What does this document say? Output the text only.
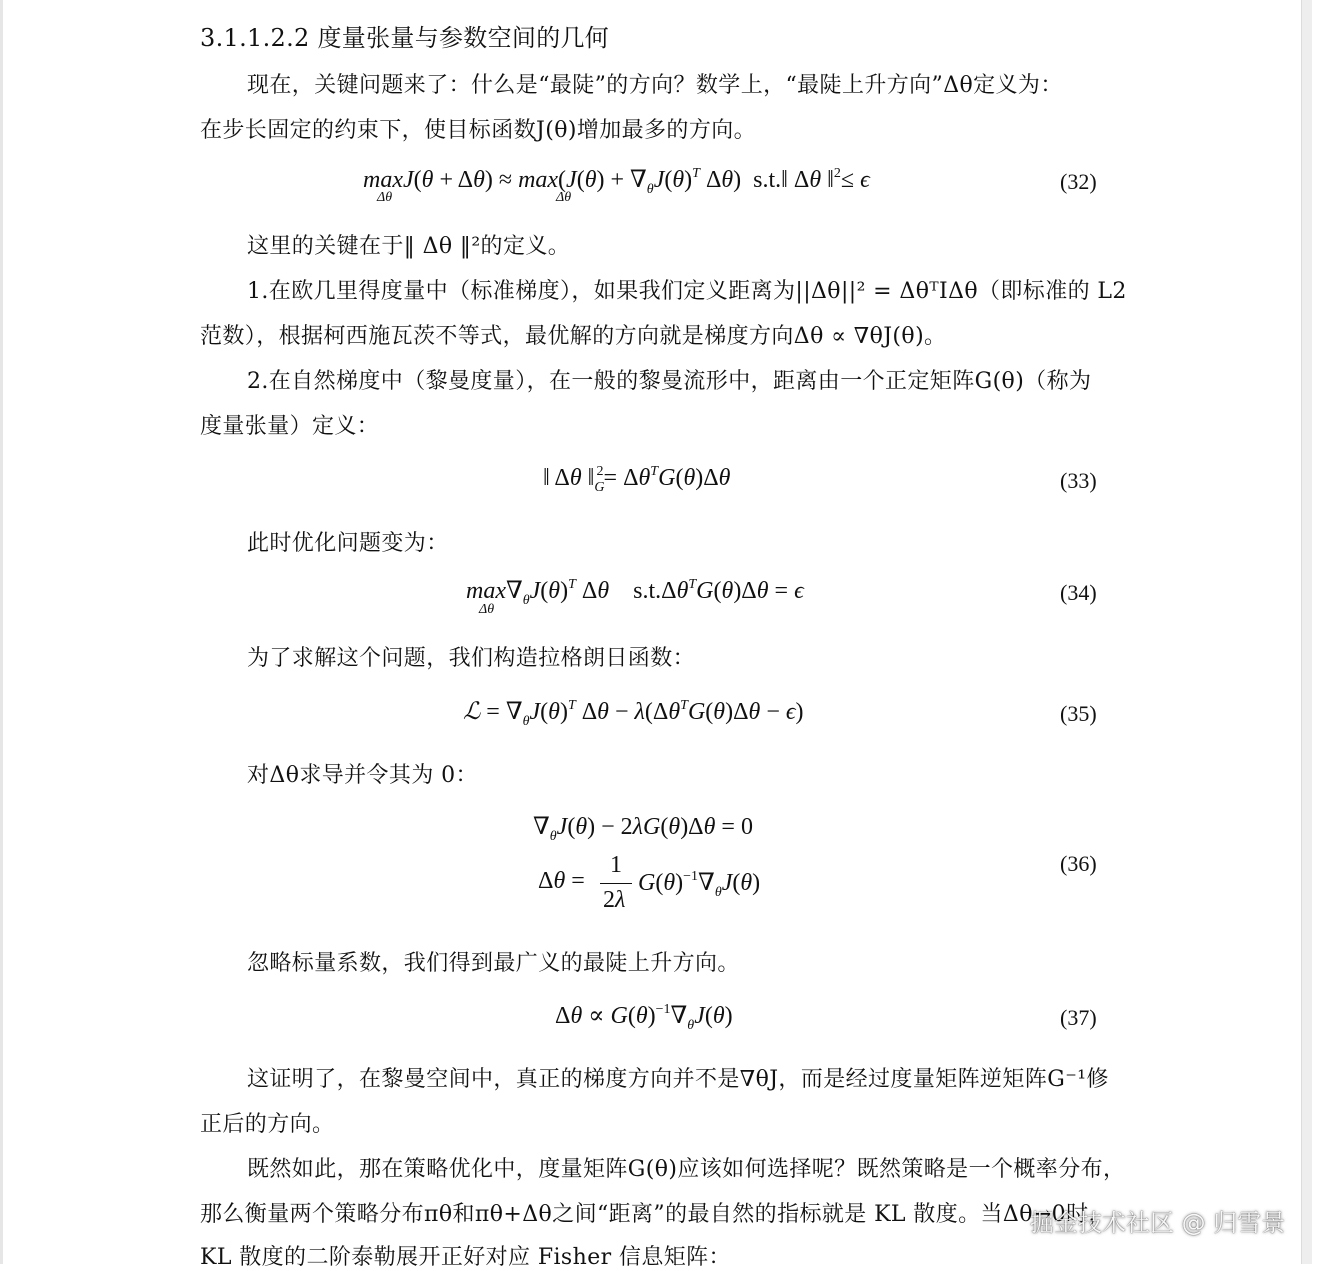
3.1.1.2.2 度量张量与参数空间的几何
现在，关键问题来了：什么是“最陡”的方向？数学上，“最陡上升方向”Δθ定义为：
在步长固定的约束下，使目标函数J(θ)增加最多的方向。
$\max J(\theta + \Delta\theta) \approx \max(J(\theta) + \nabla_\theta J(\theta)^T$ Δθ)  s.t.‖ Δθ ‖$^2$≤ ϵ
Δθ	Δθ
(32)
这里的关键在于‖ Δθ ‖²的定义。
1.在欧几里得度量中（标准梯度），如果我们定义距离为||Δθ||² = ΔθᵀIΔθ（即标准的 L2
范数），根据柯西施瓦茨不等式，最优解的方向就是梯度方向Δθ ∝ ∇θJ(θ)。
2.在自然梯度中（黎曼度量），在一般的黎曼流形中，距离由一个正定矩阵G(θ)（称为
度量张量）定义：
‖ Δθ $‖_G^2= \Delta\theta^TG(\theta)\Delta\theta$	(33)
此时优化问题变为：
$\max\nabla_\theta J(\theta)^T$ Δθ    $s.t.\Delta\theta^TG(\theta)\Delta\theta = \epsilon$
Δθ
(34)
为了求解这个问题，我们构造拉格朗日函数：
ℒ = $\nabla_\theta J(\theta)^T$ $\Delta\theta - \lambda(\Delta\theta^TG(\theta)\Delta\theta - \epsilon)$	(35)
对Δθ求导并令其为 0：
$\nabla_\theta J(\theta) - 2\lambda G(\theta)\Delta\theta = 0$
Δθ =
1
2λ
$G(\theta)^{-1}\nabla_\theta J(\theta)$
(36)
忽略标量系数，我们得到最广义的最陡上升方向。
$\Delta\theta \propto G(\theta)^{-1}\nabla_\theta J(\theta)$	(37)
这证明了，在黎曼空间中，真正的梯度方向并不是∇θJ，而是经过度量矩阵逆矩阵G⁻¹修
正后的方向。
既然如此，那在策略优化中，度量矩阵G(θ)应该如何选择呢？既然策略是一个概率分布，
那么衡量两个策略分布πθ和πθ+Δθ之间“距离”的最自然的指标就是 KL 散度。当Δθ→0时，
KL 散度的二阶泰勒展开正好对应 Fisher 信息矩阵：
掘金技术社区 @ 归雪景
